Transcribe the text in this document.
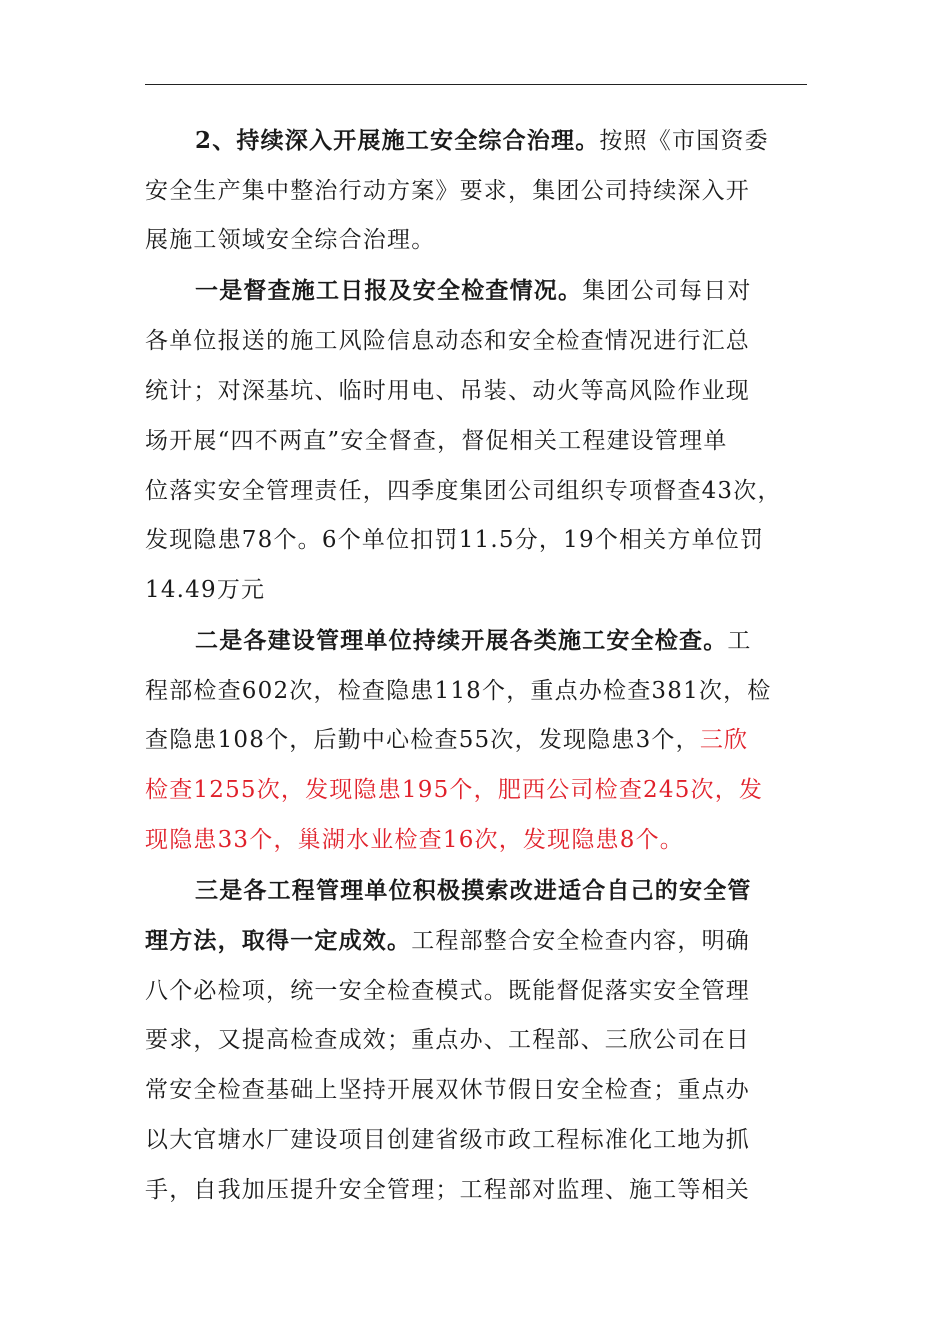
2、持续深入开展施工安全综合治理。按照《市国资委
安全生产集中整治行动方案》要求，集团公司持续深入开
展施工领域安全综合治理。
一是督查施工日报及安全检查情况。集团公司每日对
各单位报送的施工风险信息动态和安全检查情况进行汇总
统计；对深基坑、临时用电、吊装、动火等高风险作业现
场开展“四不两直”安全督查，督促相关工程建设管理单
位落实安全管理责任，四季度集团公司组织专项督查43次，
发现隐患78个。6个单位扣罚11.5分，19个相关方单位罚
14.49万元
二是各建设管理单位持续开展各类施工安全检查。工
程部检查602次，检查隐患118个，重点办检查381次，检
查隐患108个，后勤中心检查55次，发现隐患3个，三欣
检查1255次，发现隐患195个，肥西公司检查245次，发
现隐患33个，巢湖水业检查16次，发现隐患8个。
三是各工程管理单位积极摸索改进适合自己的安全管
理方法，取得一定成效。工程部整合安全检查内容，明确
八个必检项，统一安全检查模式。既能督促落实安全管理
要求，又提高检查成效；重点办、工程部、三欣公司在日
常安全检查基础上坚持开展双休节假日安全检查；重点办
以大官塘水厂建设项目创建省级市政工程标准化工地为抓
手，自我加压提升安全管理；工程部对监理、施工等相关
